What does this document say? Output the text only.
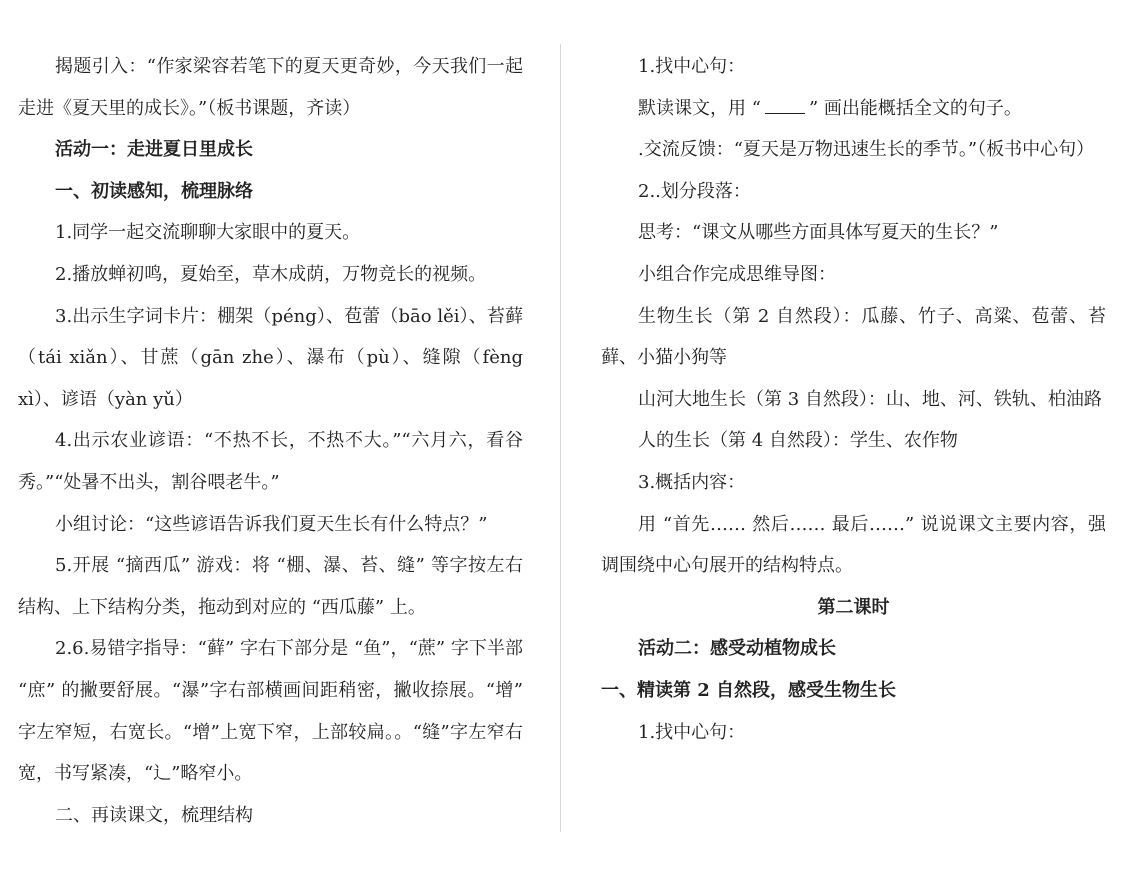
揭题引入：“作家梁容若笔下的夏天更奇妙，今天我们一起走进《夏天里的成长》。”（板书课题，齐读）

活动一：走进夏日里成长

一、初读感知，梳理脉络

1.同学一起交流聊聊大家眼中的夏天。

2.播放蝉初鸣，夏始至，草木成荫，万物竞长的视频。

3.出示生字词卡片：棚架（péng）、苞蕾（bāo lěi）、苔藓（tái xiǎn）、甘蔗（gān zhe）、瀑布（pù）、缝隙（fèng xì）、谚语（yàn yǔ）

4.出示农业谚语：“不热不长，不热不大。”“六月六，看谷秀。”“处暑不出头，割谷喂老牛。”

小组讨论：“这些谚语告诉我们夏天生长有什么特点？”

5.开展 “摘西瓜” 游戏：将 “棚、瀑、苔、缝” 等字按左右结构、上下结构分类，拖动到对应的 “西瓜藤” 上。

2.6.易错字指导：“藓” 字右下部分是 “鱼”，“蔗” 字下半部 “庶” 的撇要舒展。“瀑”字右部横画间距稍密，撇收捺展。“增” 字左窄短，右宽长。“增”上宽下窄，上部较扁。。“缝”字左窄右宽，书写紧凑，“辶”略窄小。

二、再读课文，梳理结构

1.找中心句：

默读课文，用 “	” 画出能概括全文的句子。

.交流反馈：“夏天是万物迅速生长的季节。”（板书中心句）

2..划分段落：

思考：“课文从哪些方面具体写夏天的生长？”

小组合作完成思维导图：

生物生长（第 2 自然段）：瓜藤、竹子、高粱、苞蕾、苔藓、小猫小狗等

山河大地生长（第 3 自然段）：山、地、河、铁轨、柏油路

人的生长（第 4 自然段）：学生、农作物

3.概括内容：

用 “首先…… 然后…… 最后……” 说说课文主要内容，强调围绕中心句展开的结构特点。

第二课时

活动二：感受动植物成长

一、精读第 2 自然段，感受生物生长

1.找中心句：
